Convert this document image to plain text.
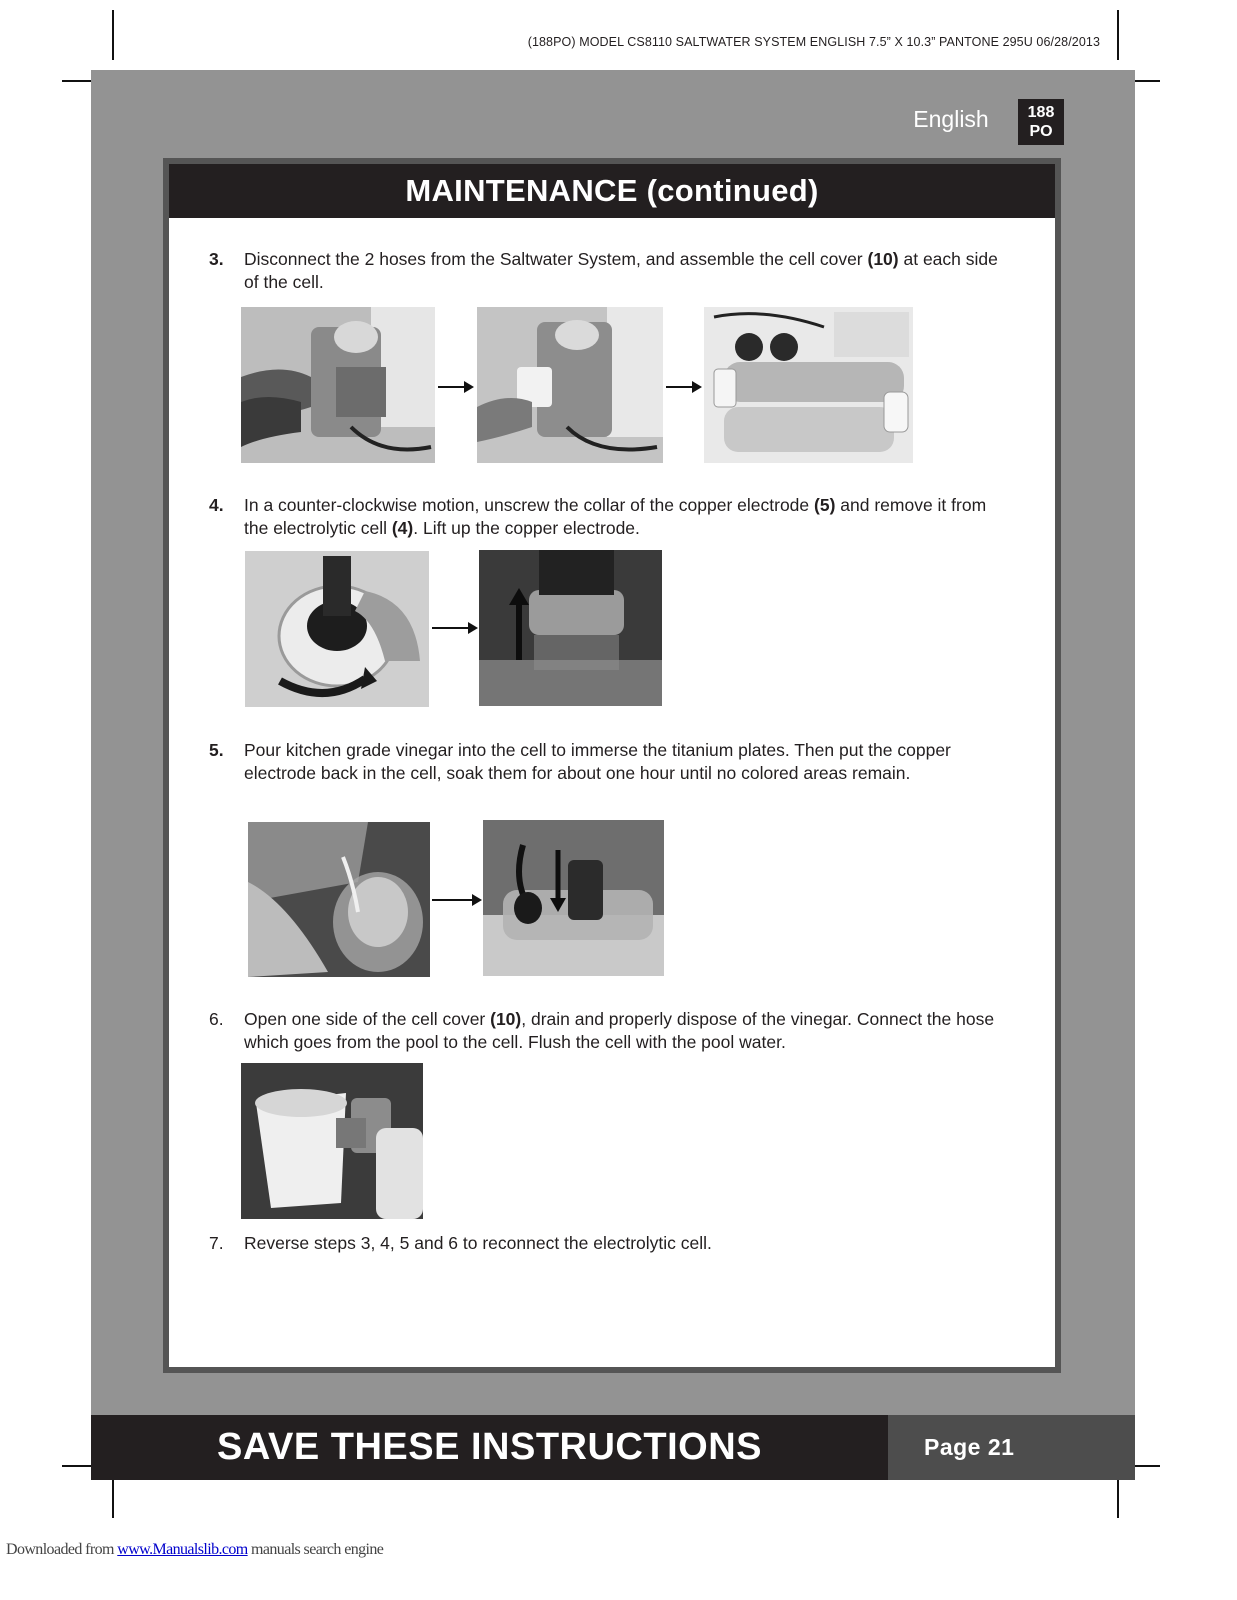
(188PO) MODEL CS8110 SALTWATER SYSTEM ENGLISH 7.5” X 10.3” PANTONE 295U 06/28/2013
English	188
PO
MAINTENANCE (continued)
3.	Disconnect the 2 hoses from the Saltwater System, and assemble the cell cover (10) at each side of the cell.
4.	In a counter-clockwise motion, unscrew the collar of the copper electrode (5) and remove it from the electrolytic cell (4). Lift up the copper electrode.
5.	Pour kitchen grade vinegar into the cell to immerse the titanium plates. Then put the copper electrode back in the cell, soak them for about one hour until no colored areas remain.
6.	Open one side of the cell cover (10), drain and properly dispose of the vinegar. Connect the hose which goes from the pool to the cell. Flush the cell with the pool water.
7.	Reverse steps 3, 4, 5 and 6 to reconnect the electrolytic cell.
SAVE THESE INSTRUCTIONS	Page 21
Downloaded from www.Manualslib.com manuals search engine
